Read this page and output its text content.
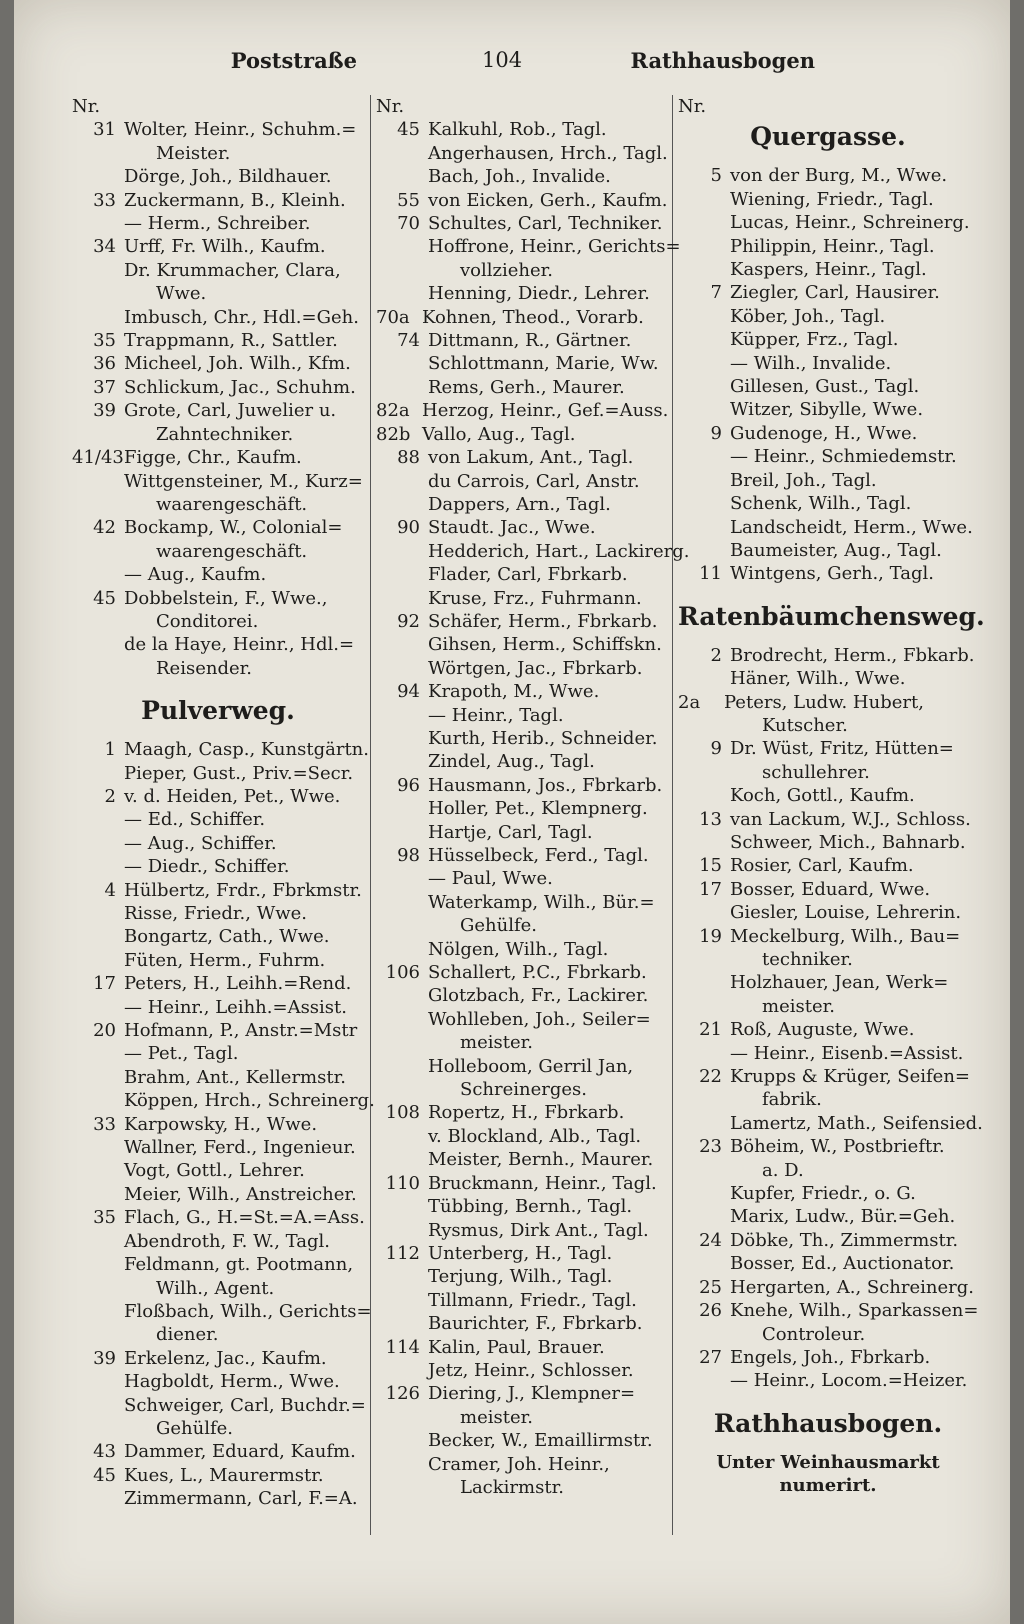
Poststraße	104	Rathhausbogen
Nr.
31 Wolter, Heinr., Schuhm.=
Meister.
Dörge, Joh., Bildhauer.
33 Zuckermann, B., Kleinh.
— Herm., Schreiber.
34 Urff, Fr. Wilh., Kaufm.
Dr. Krummacher, Clara,
Wwe.
Imbusch, Chr., Hdl.=Geh.
35 Trappmann, R., Sattler.
36 Micheel, Joh. Wilh., Kfm.
37 Schlickum, Jac., Schuhm.
39 Grote, Carl, Juwelier u.
Zahntechniker.
41/43 Figge, Chr., Kaufm.
Wittgensteiner, M., Kurz=
waarengeschäft.
42 Bockamp, W., Colonial=
waarengeschäft.
— Aug., Kaufm.
45 Dobbelstein, F., Wwe.,
Conditorei.
de la Haye, Heinr., Hdl.=
Reisender.
Pulverweg.
1 Maagh, Casp., Kunstgärtn.
Pieper, Gust., Priv.=Secr.
2 v. d. Heiden, Pet., Wwe.
— Ed., Schiffer.
— Aug., Schiffer.
— Diedr., Schiffer.
4 Hülbertz, Frdr., Fbrkmstr.
Risse, Friedr., Wwe.
Bongartz, Cath., Wwe.
Füten, Herm., Fuhrm.
17 Peters, H., Leihh.=Rend.
— Heinr., Leihh.=Assist.
20 Hofmann, P., Anstr.=Mstr
— Pet., Tagl.
Brahm, Ant., Kellermstr.
Köppen, Hrch., Schreinerg.
33 Karpowsky, H., Wwe.
Wallner, Ferd., Ingenieur.
Vogt, Gottl., Lehrer.
Meier, Wilh., Anstreicher.
35 Flach, G., H.=St.=A.=Ass.
Abendroth, F. W., Tagl.
Feldmann, gt. Pootmann,
Wilh., Agent.
Floßbach, Wilh., Gerichts=
diener.
39 Erkelenz, Jac., Kaufm.
Hagboldt, Herm., Wwe.
Schweiger, Carl, Buchdr.=
Gehülfe.
43 Dammer, Eduard, Kaufm.
45 Kues, L., Maurermstr.
Zimmermann, Carl, F.=A.
Nr.
45 Kalkuhl, Rob., Tagl.
Angerhausen, Hrch., Tagl.
Bach, Joh., Invalide.
55 von Eicken, Gerh., Kaufm.
70 Schultes, Carl, Techniker.
Hoffrone, Heinr., Gerichts=
vollzieher.
Henning, Diedr., Lehrer.
70a Kohnen, Theod., Vorarb.
74 Dittmann, R., Gärtner.
Schlottmann, Marie, Ww.
Rems, Gerh., Maurer.
82a Herzog, Heinr., Gef.=Auss.
82b Vallo, Aug., Tagl.
88 von Lakum, Ant., Tagl.
du Carrois, Carl, Anstr.
Dappers, Arn., Tagl.
90 Staudt. Jac., Wwe.
Hedderich, Hart., Lackirerg.
Flader, Carl, Fbrkarb.
Kruse, Frz., Fuhrmann.
92 Schäfer, Herm., Fbrkarb.
Gihsen, Herm., Schiffskn.
Wörtgen, Jac., Fbrkarb.
94 Krapoth, M., Wwe.
— Heinr., Tagl.
Kurth, Herib., Schneider.
Zindel, Aug., Tagl.
96 Hausmann, Jos., Fbrkarb.
Holler, Pet., Klempnerg.
Hartje, Carl, Tagl.
98 Hüsselbeck, Ferd., Tagl.
— Paul, Wwe.
Waterkamp, Wilh., Bür.=
Gehülfe.
Nölgen, Wilh., Tagl.
106 Schallert, P.C., Fbrkarb.
Glotzbach, Fr., Lackirer.
Wohlleben, Joh., Seiler=
meister.
Holleboom, Gerril Jan,
Schreinerges.
108 Ropertz, H., Fbrkarb.
v. Blockland, Alb., Tagl.
Meister, Bernh., Maurer.
110 Bruckmann, Heinr., Tagl.
Tübbing, Bernh., Tagl.
Rysmus, Dirk Ant., Tagl.
112 Unterberg, H., Tagl.
Terjung, Wilh., Tagl.
Tillmann, Friedr., Tagl.
Baurichter, F., Fbrkarb.
114 Kalin, Paul, Brauer.
Jetz, Heinr., Schlosser.
126 Diering, J., Klempner=
meister.
Becker, W., Emaillirmstr.
Cramer, Joh. Heinr.,
Lackirmstr.
Nr.
Quergasse.
5 von der Burg, M., Wwe.
Wiening, Friedr., Tagl.
Lucas, Heinr., Schreinerg.
Philippin, Heinr., Tagl.
Kaspers, Heinr., Tagl.
7 Ziegler, Carl, Hausirer.
Köber, Joh., Tagl.
Küpper, Frz., Tagl.
— Wilh., Invalide.
Gillesen, Gust., Tagl.
Witzer, Sibylle, Wwe.
9 Gudenoge, H., Wwe.
— Heinr., Schmiedemstr.
Breil, Joh., Tagl.
Schenk, Wilh., Tagl.
Landscheidt, Herm., Wwe.
Baumeister, Aug., Tagl.
11 Wintgens, Gerh., Tagl.
Ratenbäumchensweg.
2 Brodrecht, Herm., Fbkarb.
Häner, Wilh., Wwe.
2a	Peters, Ludw. Hubert,
Kutscher.
9 Dr. Wüst, Fritz, Hütten=
schullehrer.
Koch, Gottl., Kaufm.
13 van Lackum, W.J., Schloss.
Schweer, Mich., Bahnarb.
15 Rosier, Carl, Kaufm.
17 Bosser, Eduard, Wwe.
Giesler, Louise, Lehrerin.
19 Meckelburg, Wilh., Bau=
techniker.
Holzhauer, Jean, Werk=
meister.
21 Roß, Auguste, Wwe.
— Heinr., Eisenb.=Assist.
22 Krupps & Krüger, Seifen=
fabrik.
Lamertz, Math., Seifensied.
23 Böheim, W., Postbrieftr.
a. D.
Kupfer, Friedr., o. G.
Marix, Ludw., Bür.=Geh.
24 Döbke, Th., Zimmermstr.
Bosser, Ed., Auctionator.
25 Hergarten, A., Schreinerg.
26 Knehe, Wilh., Sparkassen=
Controleur.
27 Engels, Joh., Fbrkarb.
— Heinr., Locom.=Heizer.
Rathhausbogen.
Unter Weinhausmarkt
numerirt.
